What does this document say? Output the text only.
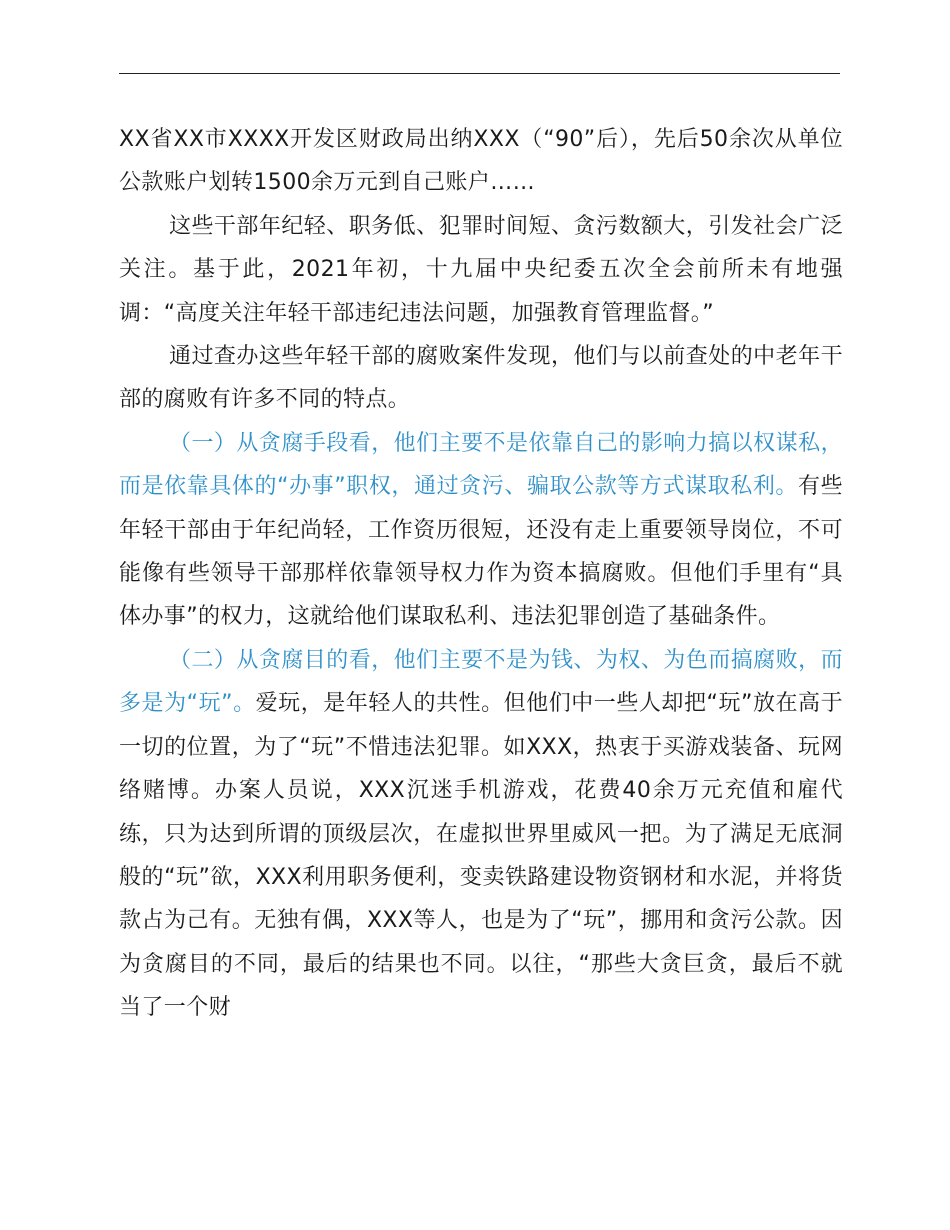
XX省XX市XXXX开发区财政局出纳XXX（“90”后），先后50余次从单位公款账户划转1500余万元到自己账户……

这些干部年纪轻、职务低、犯罪时间短、贪污数额大，引发社会广泛关注。基于此，2021年初，十九届中央纪委五次全会前所未有地强调：“高度关注年轻干部违纪违法问题，加强教育管理监督。”

通过查办这些年轻干部的腐败案件发现，他们与以前查处的中老年干部的腐败有许多不同的特点。

（一）从贪腐手段看，他们主要不是依靠自己的影响力搞以权谋私，而是依靠具体的“办事”职权，通过贪污、骗取公款等方式谋取私利。有些年轻干部由于年纪尚轻，工作资历很短，还没有走上重要领导岗位，不可能像有些领导干部那样依靠领导权力作为资本搞腐败。但他们手里有“具体办事”的权力，这就给他们谋取私利、违法犯罪创造了基础条件。

（二）从贪腐目的看，他们主要不是为钱、为权、为色而搞腐败，而多是为“玩”。爱玩，是年轻人的共性。但他们中一些人却把“玩”放在高于一切的位置，为了“玩”不惜违法犯罪。如XXX，热衷于买游戏装备、玩网络赌博。办案人员说，XXX沉迷手机游戏，花费40余万元充值和雇代练，只为达到所谓的顶级层次，在虚拟世界里威风一把。为了满足无底洞般的“玩”欲，XXX利用职务便利，变卖铁路建设物资钢材和水泥，并将货款占为己有。无独有偶，XXX等人，也是为了“玩”，挪用和贪污公款。因为贪腐目的不同，最后的结果也不同。以往，“那些大贪巨贪，最后不就当了一个财
